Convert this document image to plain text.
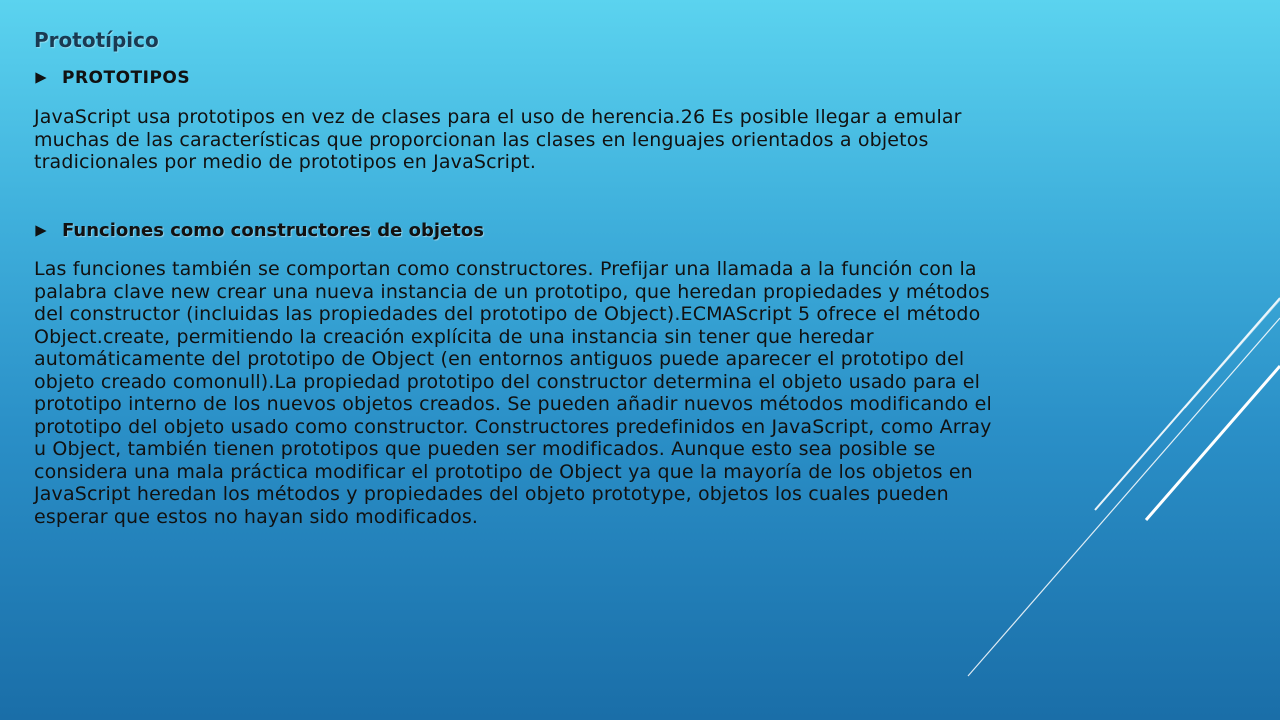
Prototípico
PROTOTIPOS

JavaScript usa prototipos en vez de clases para el uso de herencia.26 Es posible llegar a emular muchas de las características que proporcionan las clases en lenguajes orientados a objetos tradicionales por medio de prototipos en JavaScript.

Funciones como constructores de objetos

Las funciones también se comportan como constructores. Prefijar una llamada a la función con la palabra clave new crear una nueva instancia de un prototipo, que heredan propiedades y métodos del constructor (incluidas las propiedades del prototipo de Object).ECMAScript 5 ofrece el método Object.create, permitiendo la creación explícita de una instancia sin tener que heredar automáticamente del prototipo de Object (en entornos antiguos puede aparecer el prototipo del objeto creado comonull).La propiedad prototipo del constructor determina el objeto usado para el prototipo interno de los nuevos objetos creados. Se pueden añadir nuevos métodos modificando el prototipo del objeto usado como constructor. Constructores predefinidos en JavaScript, como Array u Object, también tienen prototipos que pueden ser modificados. Aunque esto sea posible se considera una mala práctica modificar el prototipo de Object ya que la mayoría de los objetos en JavaScript heredan los métodos y propiedades del objeto prototype, objetos los cuales pueden esperar que estos no hayan sido modificados.
